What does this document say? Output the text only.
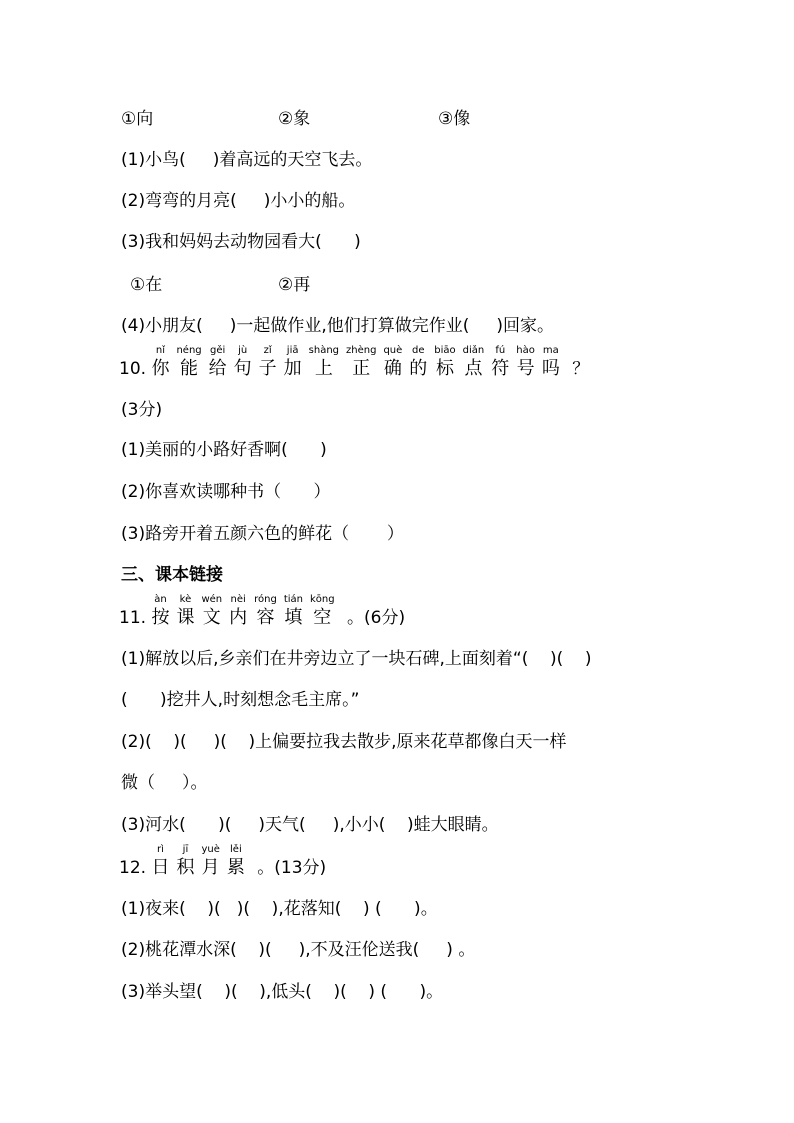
①向	②象	③像
(1)小鸟(     )着高远的天空飞去。
(2)弯弯的月亮(     )小小的船。
(3)我和妈妈去动物园看大(      )
①在	②再
(4)小朋友(     )一起做作业,他们打算做完作业(     )回家。
10.
nǐ
你
néng
能
gěi
给
jù
句
zǐ
子
jiā
加
shàng
上
zhèng
正
què
确
de
的
biāo
标
diǎn
点
fú
符
hào
号
ma
吗 ？
(3分)
(1)美丽的小路好香啊(      )
(2)你喜欢读哪种书（      ）
(3)路旁开着五颜六色的鲜花（       ）
三、课本链接
11.
àn
按
kè
课
wén
文
nèi
内
róng
容
tián
填
kōng
空 。(6分)
(1)解放以后,乡亲们在井旁边立了一块石碑,上面刻着“(    )(    )
(      )挖井人,时刻想念毛主席。”
(2)(    )(     )(    )上偏要拉我去散步,原来花草都像白天一样
微（     ）。
(3)河水(      )(     )天气(     ),小小(    )蛙大眼睛。
12.
rì
日
jī
积
yuè
月
lěi
累 。(13分)
(1)夜来(    )(   )(    ),花落知(    ) (      )。
(2)桃花潭水深(    )(     ),不及汪伦送我(     ) 。
(3)举头望(    )(    ),低头(    )(    ) (      )。
